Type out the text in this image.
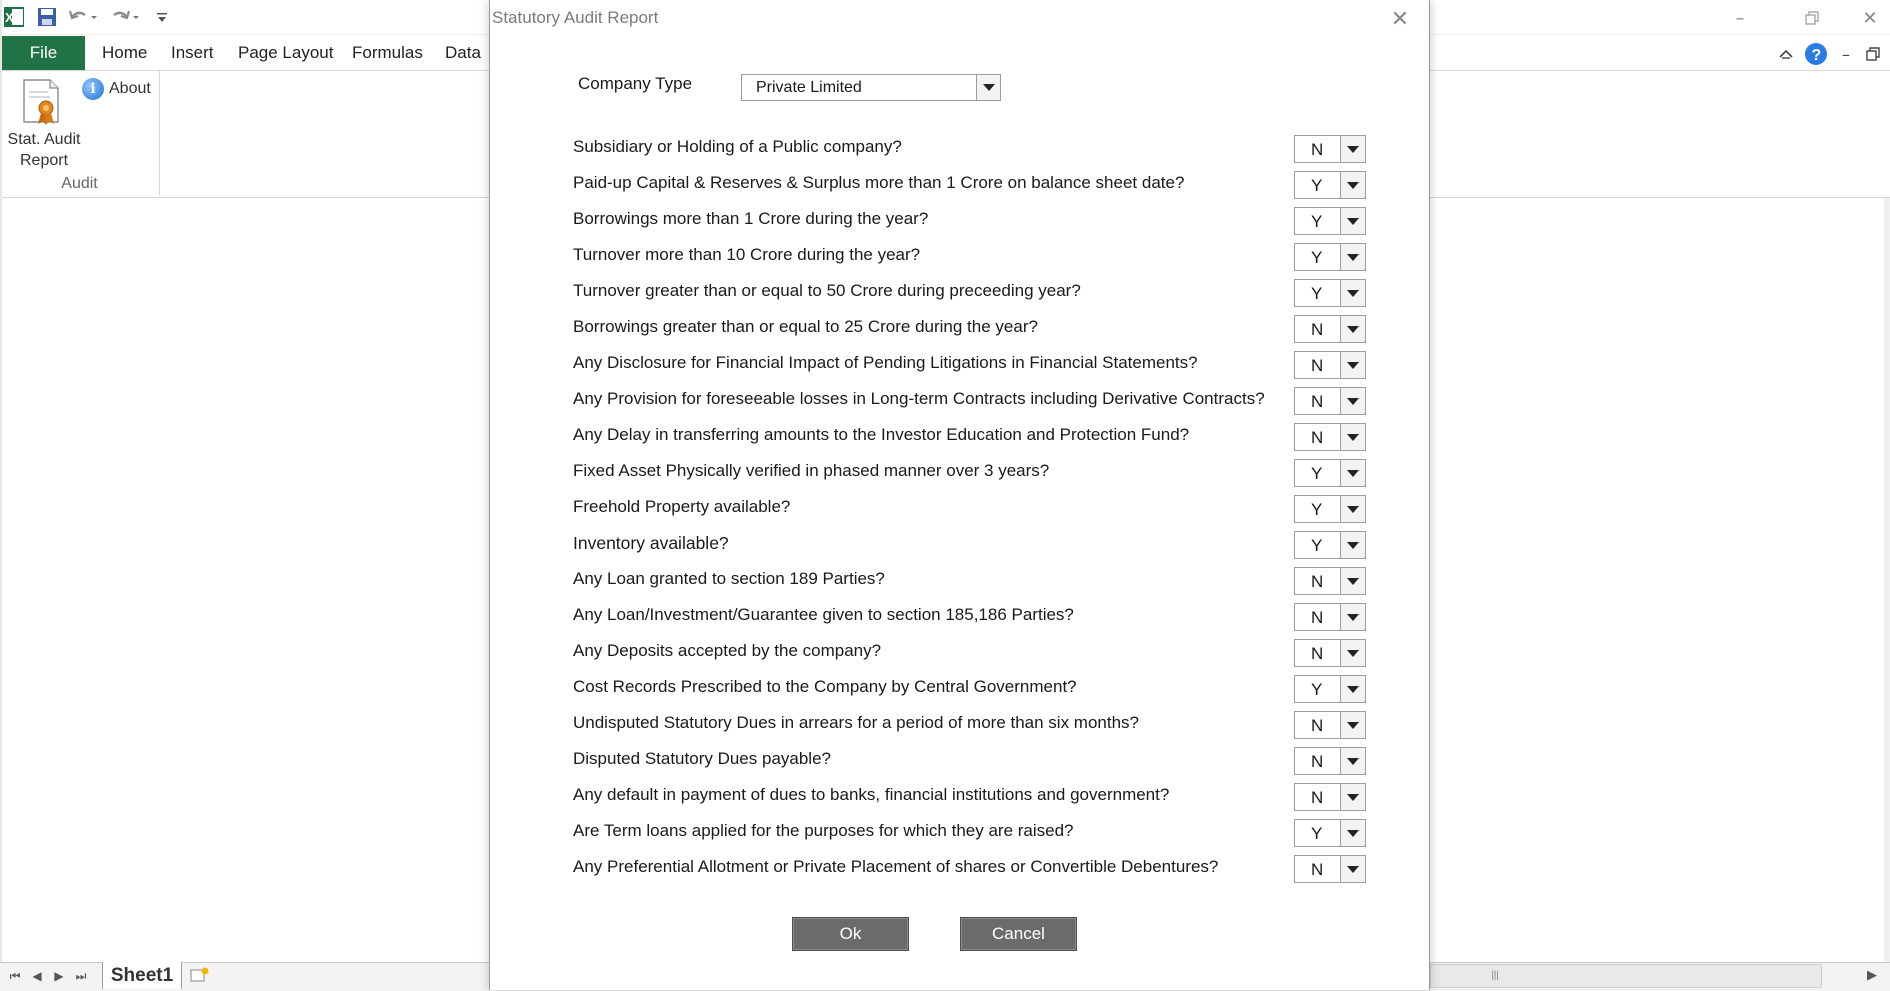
X	–	✕
File	Home Insert Page Layout Formulas Data	?	–
Stat. Audit
Report
i About
Audit
⏮ ◀	▶ ⏭	Sheet1	|||	▶
Statutory Audit Report	✕
Company Type	Private Limited
Subsidiary or Holding of a Public company?	N
Paid-up Capital & Reserves & Surplus more than 1 Crore on balance sheet date?	Y
Borrowings more than 1 Crore during the year?	Y
Turnover more than 10 Crore during the year?	Y
Turnover greater than or equal to 50 Crore during preceeding year?	Y
Borrowings greater than or equal to 25 Crore during the year?	N
Any Disclosure for Financial Impact of Pending Litigations in Financial Statements?	N
Any Provision for foreseeable losses in Long-term Contracts including Derivative Contracts?	N
Any Delay in transferring amounts to the Investor Education and Protection Fund?	N
Fixed Asset Physically verified in phased manner over 3 years?	Y
Freehold Property available?	Y
Inventory available?	Y
Any Loan granted to section 189 Parties?	N
Any Loan/Investment/Guarantee given to section 185,186 Parties?	N
Any Deposits accepted by the company?	N
Cost Records Prescribed to the Company by Central Government?	Y
Undisputed Statutory Dues in arrears for a period of more than six months?	N
Disputed Statutory Dues payable?	N
Any default in payment of dues to banks, financial institutions and government?	N
Are Term loans applied for the purposes for which they are raised?	Y
Any Preferential Allotment or Private Placement of shares or Convertible Debentures?	N
Ok	Cancel
